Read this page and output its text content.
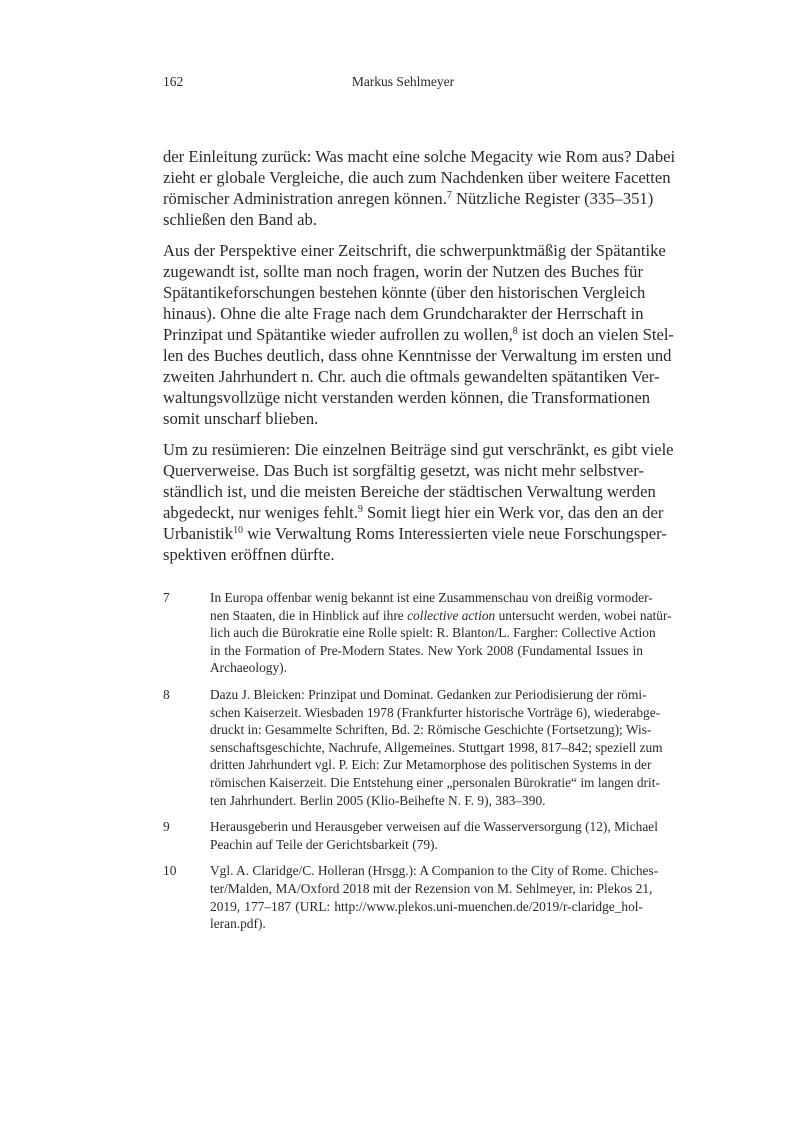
162	Markus Sehlmeyer
der Einleitung zurück: Was macht eine solche Megacity wie Rom aus? Dabei
zieht er globale Vergleiche, die auch zum Nachdenken über weitere Facetten
römischer Administration anregen können.$^7$ Nützliche Register (335–351)
schließen den Band ab.
Aus der Perspektive einer Zeitschrift, die schwerpunktmäßig der Spätantike
zugewandt ist, sollte man noch fragen, worin der Nutzen des Buches für
Spätantikeforschungen bestehen könnte (über den historischen Vergleich
hinaus). Ohne die alte Frage nach dem Grundcharakter der Herrschaft in
Prinzipat und Spätantike wieder aufrollen zu wollen,$^8$ ist doch an vielen Stel-
len des Buches deutlich, dass ohne Kenntnisse der Verwaltung im ersten und
zweiten Jahrhundert n. Chr. auch die oftmals gewandelten spätantiken Ver-
waltungsvollzüge nicht verstanden werden können, die Transformationen
somit unscharf blieben.
Um zu resümieren: Die einzelnen Beiträge sind gut verschränkt, es gibt viele
Querverweise. Das Buch ist sorgfältig gesetzt, was nicht mehr selbstver-
ständlich ist, und die meisten Bereiche der städtischen Verwaltung werden
abgedeckt, nur weniges fehlt.$^9$ Somit liegt hier ein Werk vor, das den an der
Urbanistik$^{10}$ wie Verwaltung Roms Interessierten viele neue Forschungsper-
spektiven eröffnen dürfte.
7	In Europa offenbar wenig bekannt ist eine Zusammenschau von dreißig vormoder-
nen Staaten, die in Hinblick auf ihre collective action untersucht werden, wobei natür-
lich auch die Bürokratie eine Rolle spielt: R. Blanton/L. Fargher: Collective Action
in the Formation of Pre-Modern States. New York 2008 (Fundamental Issues in
Archaeology).
8	Dazu J. Bleicken: Prinzipat und Dominat. Gedanken zur Periodisierung der römi-
schen Kaiserzeit. Wiesbaden 1978 (Frankfurter historische Vorträge 6), wiederabge-
druckt in: Gesammelte Schriften, Bd. 2: Römische Geschichte (Fortsetzung); Wis-
senschaftsgeschichte, Nachrufe, Allgemeines. Stuttgart 1998, 817–842; speziell zum
dritten Jahrhundert vgl. P. Eich: Zur Metamorphose des politischen Systems in der
römischen Kaiserzeit. Die Entstehung einer „personalen Bürokratie“ im langen drit-
ten Jahrhundert. Berlin 2005 (Klio-Beihefte N. F. 9), 383–390.
9	Herausgeberin und Herausgeber verweisen auf die Wasserversorgung (12), Michael
Peachin auf Teile der Gerichtsbarkeit (79).
10	Vgl. A. Claridge/C. Holleran (Hrsgg.): A Companion to the City of Rome. Chiches-
ter/Malden, MA/Oxford 2018 mit der Rezension von M. Sehlmeyer, in: Plekos 21,
2019, 177–187 (URL: http://www.plekos.uni-muenchen.de/2019/r-claridge_hol-
leran.pdf).
